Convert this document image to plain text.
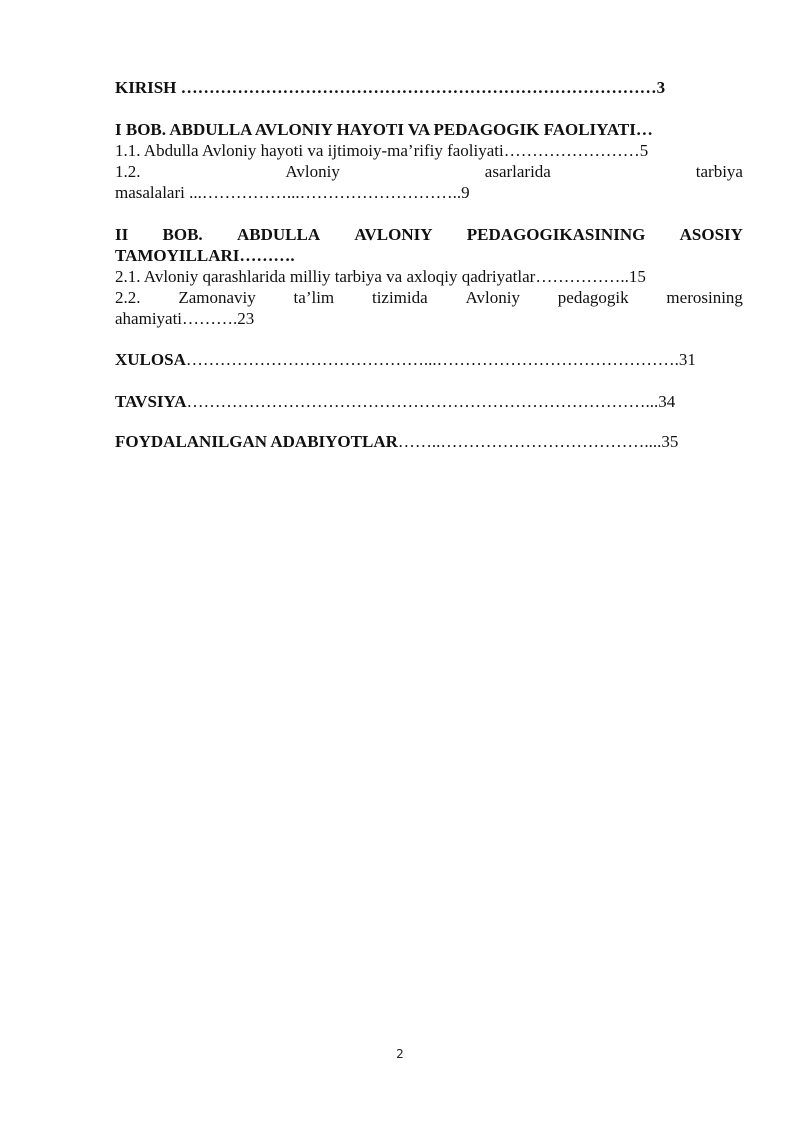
KIRISH …………………………………………………………………………3
I BOB. ABDULLA AVLONIY HAYOTI VA PEDAGOGIK FAOLIYATI…
1.1. Abdulla Avloniy hayoti va ijtimoiy-ma’rifiy faoliyati……………………5
1.2.	Avloniy	asarlarida	tarbiya
masalalari ...……………...………………………..9
II BOB. ABDULLA AVLONIY PEDAGOGIKASINING ASOSIY
TAMOYILLARI……….
2.1. Avloniy qarashlarida milliy tarbiya va axloqiy qadriyatlar……………..15
2.2. Zamonaviy ta’lim tizimida Avloniy pedagogik merosining
ahamiyati……….23
XULOSA……………………………………...…………………………………….31
TAVSIYA………………………………………………………………………...34
FOYDALANILGAN ADABIYOTLAR……..………………………………....35
2
